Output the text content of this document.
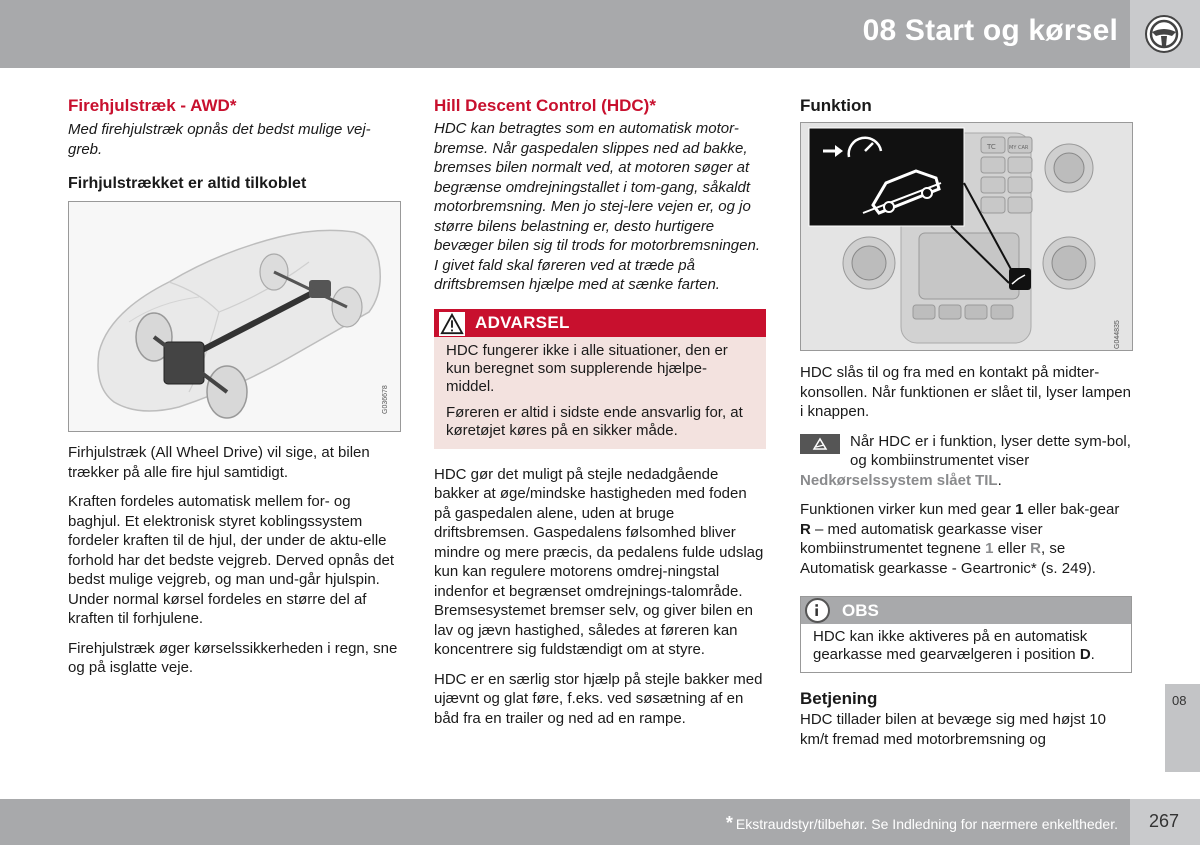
08 Start og kørsel
Firehjulstræk - AWD*
Med firehjulstræk opnås det bedst mulige vej-greb.
Firhjulstrækket er altid tilkoblet
G036678

Firhjulstræk (All Wheel Drive) vil sige, at bilen trækker på alle fire hjul samtidigt.

Kraften fordeles automatisk mellem for- og baghjul. Et elektronisk styret koblingssystem fordeler kraften til de hjul, der under de aktu-elle forhold har det bedste vejgreb. Derved opnås det bedst mulige vejgreb, og man und-går hjulspin. Under normal kørsel fordeles en større del af kraften til forhjulene.

Firehjulstræk øger kørselssikkerheden i regn, sne og på isglatte veje.

Hill Descent Control (HDC)*
HDC kan betragtes som en automatisk motor-bremse. Når gaspedalen slippes ned ad bakke, bremses bilen normalt ved, at motoren søger at begrænse omdrejningstallet i tom-gang, såkaldt motorbremsning. Men jo stej-lere vejen er, og jo større bilens belastning er, desto hurtigere bevæger bilen sig til trods for motorbremsningen. I givet fald skal føreren ved at træde på driftsbremsen hjælpe med at sænke farten.
ADVARSEL

HDC fungerer ikke i alle situationer, den er kun beregnet som supplerende hjælpe-middel.

Føreren er altid i sidste ende ansvarlig for, at køretøjet køres på en sikker måde.

HDC gør det muligt på stejle nedadgående bakker at øge/mindske hastigheden med foden på gaspedalen alene, uden at bruge driftsbremsen. Gaspedalens følsomhed bliver mindre og mere præcis, da pedalens fulde udslag kun kan regulere motorens omdrej-ningstal indenfor et begrænset omdrejnings-talområde. Bremsesystemet bremser selv, og giver bilen en lav og jævn hastighed, således at føreren kan koncentrere sig fuldstændigt om at styre.

HDC er en særlig stor hjælp på stejle bakker med ujævnt og glat føre, f.eks. ved søsætning af en båd fra en trailer og ned ad en rampe.

Funktion
TC	MY CAR
G044835

HDC slås til og fra med en kontakt på midter-konsollen. Når funktionen er slået til, lyser lampen i knappen.

Når HDC er i funktion, lyser dette sym-bol, og kombiinstrumentet viser

Nedkørselssystem slået TIL.

Funktionen virker kun med gear 1 eller bak-gear R – med automatisk gearkasse viser kombiinstrumentet tegnene 1 eller R, se Automatisk gearkasse - Geartronic* (s. 249).

OBS
HDC kan ikke aktiveres på en automatisk gearkasse med gearvælgeren i position D.
Betjening

HDC tillader bilen at bevæge sig med højst 10 km/t fremad med motorbremsning og

08
* Ekstraudstyr/tilbehør. Se Indledning for nærmere enkeltheder. 267
